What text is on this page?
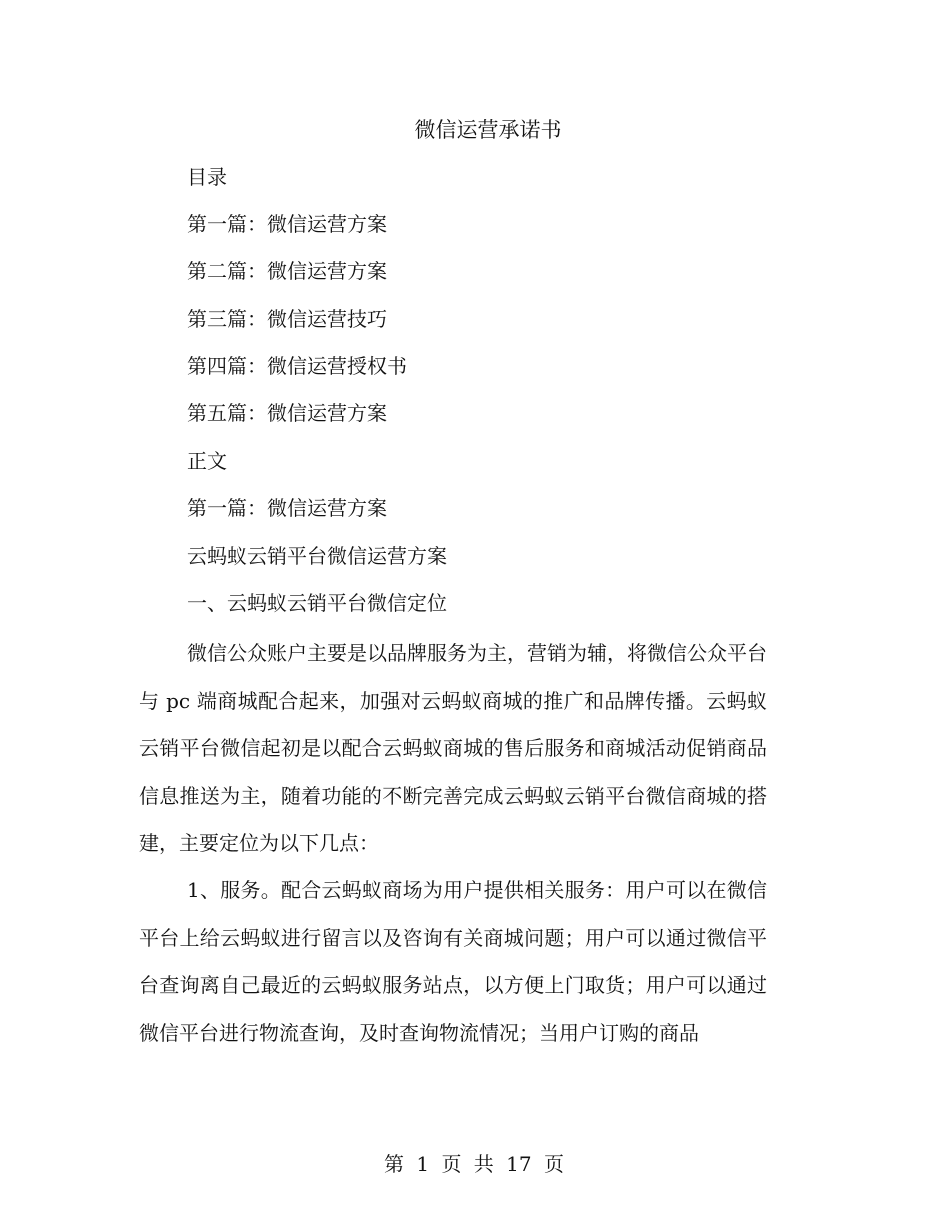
微信运营承诺书

目录

第一篇：微信运营方案

第二篇：微信运营方案

第三篇：微信运营技巧

第四篇：微信运营授权书

第五篇：微信运营方案

正文

第一篇：微信运营方案

云蚂蚁云销平台微信运营方案

一、云蚂蚁云销平台微信定位

微信公众账户主要是以品牌服务为主，营销为辅，将微信公众平台与 pc 端商城配合起来，加强对云蚂蚁商城的推广和品牌传播。云蚂蚁云销平台微信起初是以配合云蚂蚁商城的售后服务和商城活动促销商品信息推送为主，随着功能的不断完善完成云蚂蚁云销平台微信商城的搭建，主要定位为以下几点：

1、服务。配合云蚂蚁商场为用户提供相关服务：用户可以在微信平台上给云蚂蚁进行留言以及咨询有关商城问题；用户可以通过微信平台查询离自己最近的云蚂蚁服务站点，以方便上门取货；用户可以通过微信平台进行物流查询，及时查询物流情况；当用户订购的商品

第 1 页 共 17 页
